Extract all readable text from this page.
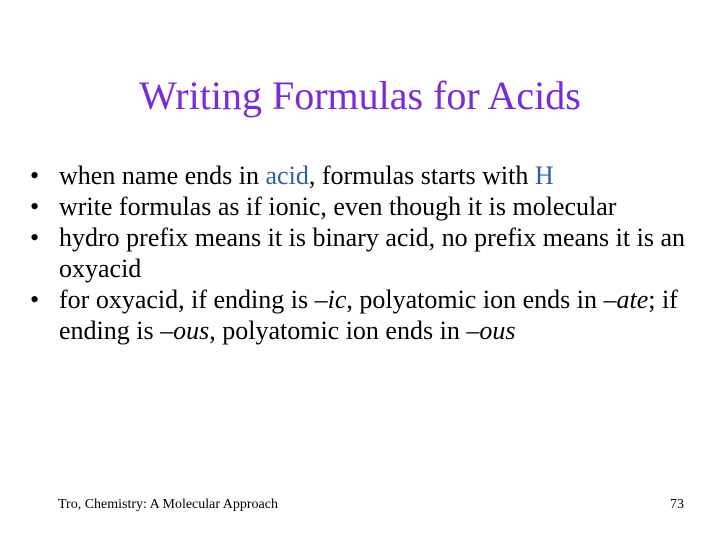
Writing Formulas for Acids
• when name ends in acid, formulas starts with H
• write formulas as if ionic, even though it is molecular
• hydro prefix means it is binary acid, no prefix means it is an oxyacid
• for oxyacid, if ending is –ic, polyatomic ion ends in –ate; if ending is –ous, polyatomic ion ends in –ous
Tro, Chemistry: A Molecular Approach	73
